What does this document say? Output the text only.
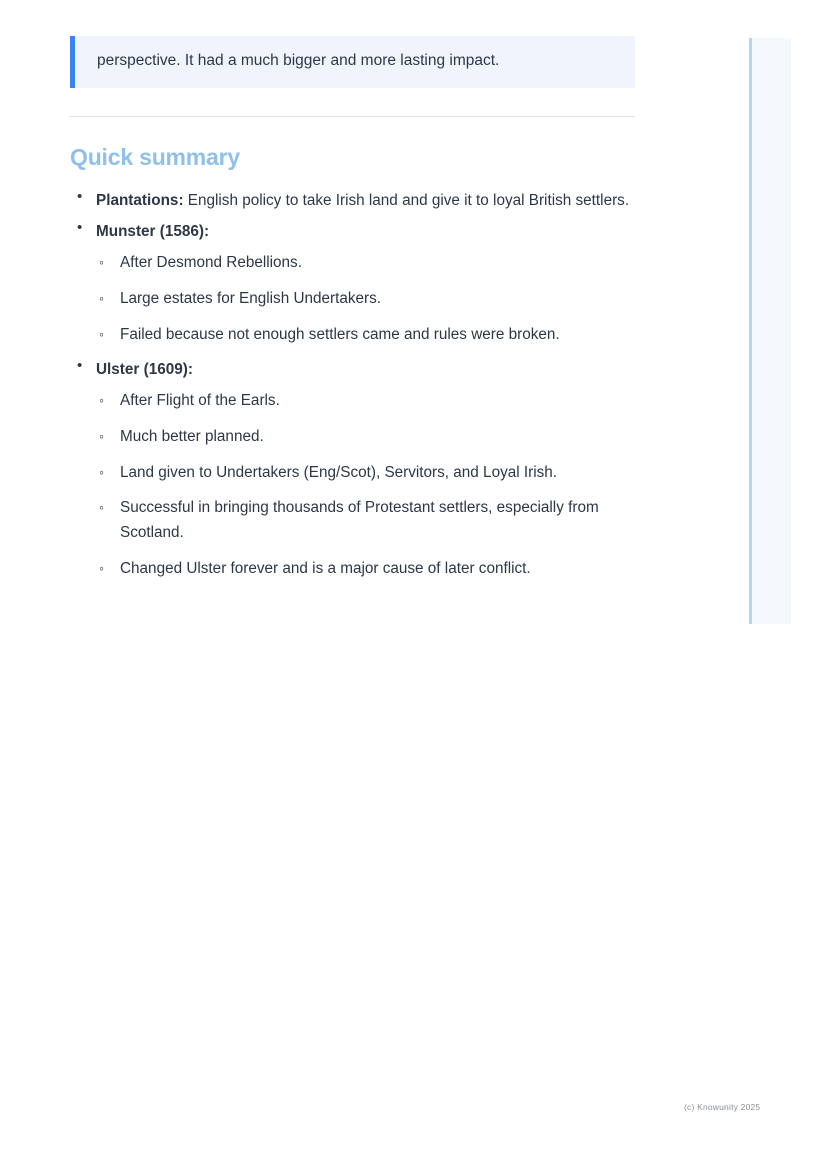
perspective. It had a much bigger and more lasting impact.
Quick summary
• Plantations: English policy to take Irish land and give it to loyal British settlers.
• Munster (1586):
◦ After Desmond Rebellions.
◦ Large estates for English Undertakers.
◦ Failed because not enough settlers came and rules were broken.
• Ulster (1609):
◦ After Flight of the Earls.
◦ Much better planned.
◦ Land given to Undertakers (Eng/Scot), Servitors, and Loyal Irish.
◦ Successful in bringing thousands of Protestant settlers, especially from Scotland.
◦ Changed Ulster forever and is a major cause of later conflict.
(c) Knowunity 2025
